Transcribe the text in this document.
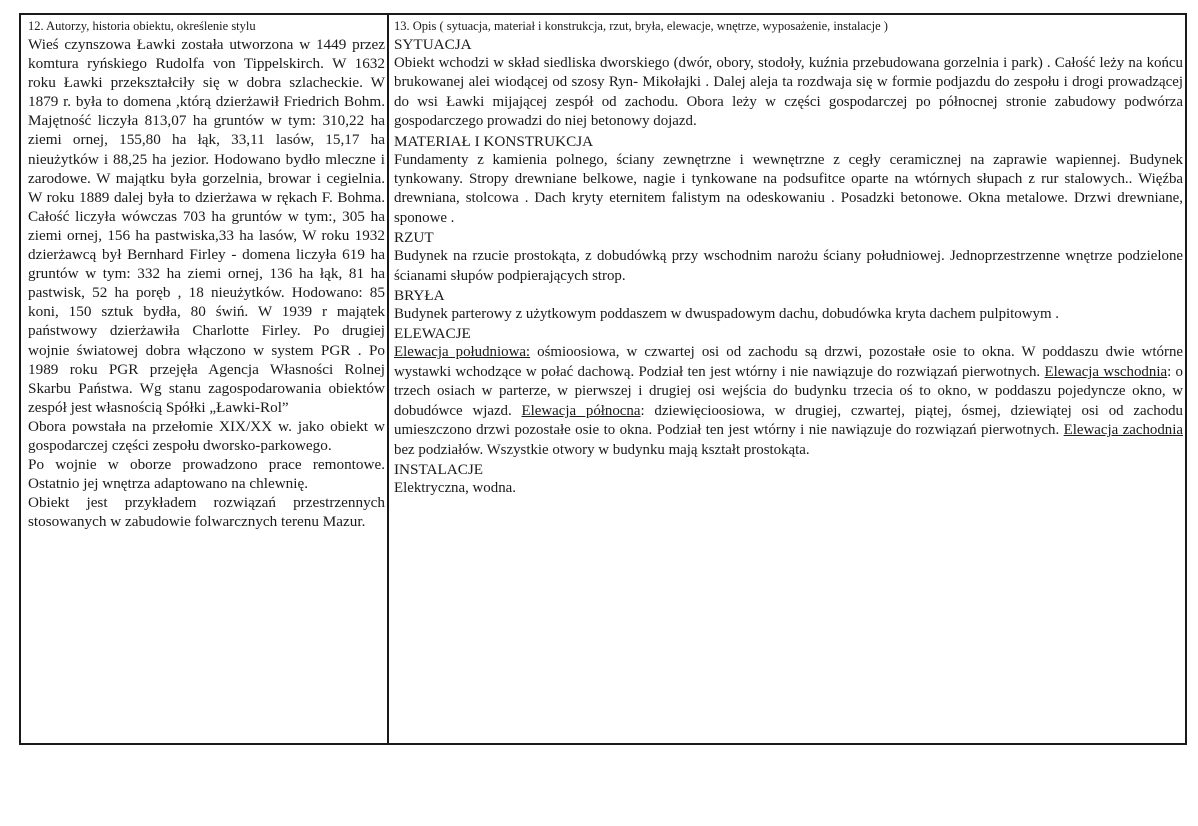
12. Autorzy, historia obiektu, określenie stylu

Wieś czynszowa Ławki została utworzona w 1449 przez komtura ryńskiego Rudolfa von Tippelskirch. W 1632 roku Ławki przekształciły się w dobra szlacheckie. W 1879 r. była to domena ,którą dzierżawił Friedrich Bohm. Majętność liczyła 813,07 ha gruntów w tym: 310,22 ha ziemi ornej, 155,80 ha łąk, 33,11 lasów, 15,17 ha nieużytków i 88,25 ha jezior. Hodowano bydło mleczne i zarodowe. W majątku była gorzelnia, browar i cegielnia. W roku 1889 dalej była to dzierżawa w rękach F. Bohma. Całość liczyła wówczas 703 ha gruntów w tym:, 305 ha ziemi ornej, 156 ha pastwiska,33 ha lasów, W roku 1932 dzierżawcą był Bernhard Firley - domena liczyła 619 ha gruntów w tym: 332 ha ziemi ornej, 136 ha łąk, 81 ha pastwisk, 52 ha poręb , 18 nieużytków. Hodowano: 85 koni, 150 sztuk bydła, 80 świń. W 1939 r majątek państwowy dzierżawiła Charlotte Firley. Po drugiej wojnie światowej dobra włączono w system PGR . Po 1989 roku PGR przejęła Agencja Własności Rolnej Skarbu Państwa. Wg stanu zagospodarowania obiektów zespół jest własnością Spółki „Ławki-Rol”

Obora powstała na przełomie XIX/XX w. jako obiekt w gospodarczej części zespołu dworsko-parkowego.

Po wojnie w oborze prowadzono prace remontowe. Ostatnio jej wnętrza adaptowano na chlewnię.

Obiekt jest przykładem rozwiązań przestrzennych stosowanych w zabudowie folwarcznych terenu Mazur.

13. Opis ( sytuacja, materiał i konstrukcja, rzut, bryła, elewacje, wnętrze, wyposażenie, instalacje )
SYTUACJA

Obiekt wchodzi w skład siedliska dworskiego (dwór, obory, stodoły, kuźnia przebudowana gorzelnia i park) . Całość leży na końcu brukowanej alei wiodącej od szosy Ryn- Mikołajki . Dalej aleja ta rozdwaja się w formie podjazdu do zespołu i drogi prowadzącej do wsi Ławki mijającej zespół od zachodu. Obora leży w części gospodarczej po północnej stronie zabudowy podwórza gospodarczego prowadzi do niej betonowy dojazd.

MATERIAŁ I KONSTRUKCJA

Fundamenty z kamienia polnego, ściany zewnętrzne i wewnętrzne z cegły ceramicznej na zaprawie wapiennej. Budynek tynkowany. Stropy drewniane belkowe, nagie i tynkowane na podsufitce oparte na wtórnych słupach z rur stalowych.. Więźba drewniana, stolcowa . Dach kryty eternitem falistym na odeskowaniu . Posadzki betonowe. Okna metalowe. Drzwi drewniane, sponowe .

RZUT

Budynek na rzucie prostokąta, z dobudówką przy wschodnim narożu ściany południowej. Jednoprzestrzenne wnętrze podzielone ścianami słupów podpierających strop.

BRYŁA

Budynek parterowy z użytkowym poddaszem w dwuspadowym dachu, dobudówka kryta dachem pulpitowym .

ELEWACJE

Elewacja południowa: ośmioosiowa, w czwartej osi od zachodu są drzwi, pozostałe osie to okna. W poddaszu dwie wtórne wystawki wchodzące w połać dachową. Podział ten jest wtórny i nie nawiązuje do rozwiązań pierwotnych. Elewacja wschodnia: o trzech osiach w parterze, w pierwszej i drugiej osi wejścia do budynku trzecia oś to okno, w poddaszu pojedyncze okno, w dobudówce wjazd. Elewacja północna: dziewięcioosiowa, w drugiej, czwartej, piątej, ósmej, dziewiątej osi od zachodu umieszczono drzwi pozostałe osie to okna. Podział ten jest wtórny i nie nawiązuje do rozwiązań pierwotnych. Elewacja zachodnia bez podziałów. Wszystkie otwory w budynku mają kształt prostokąta.

INSTALACJE

Elektryczna, wodna.
